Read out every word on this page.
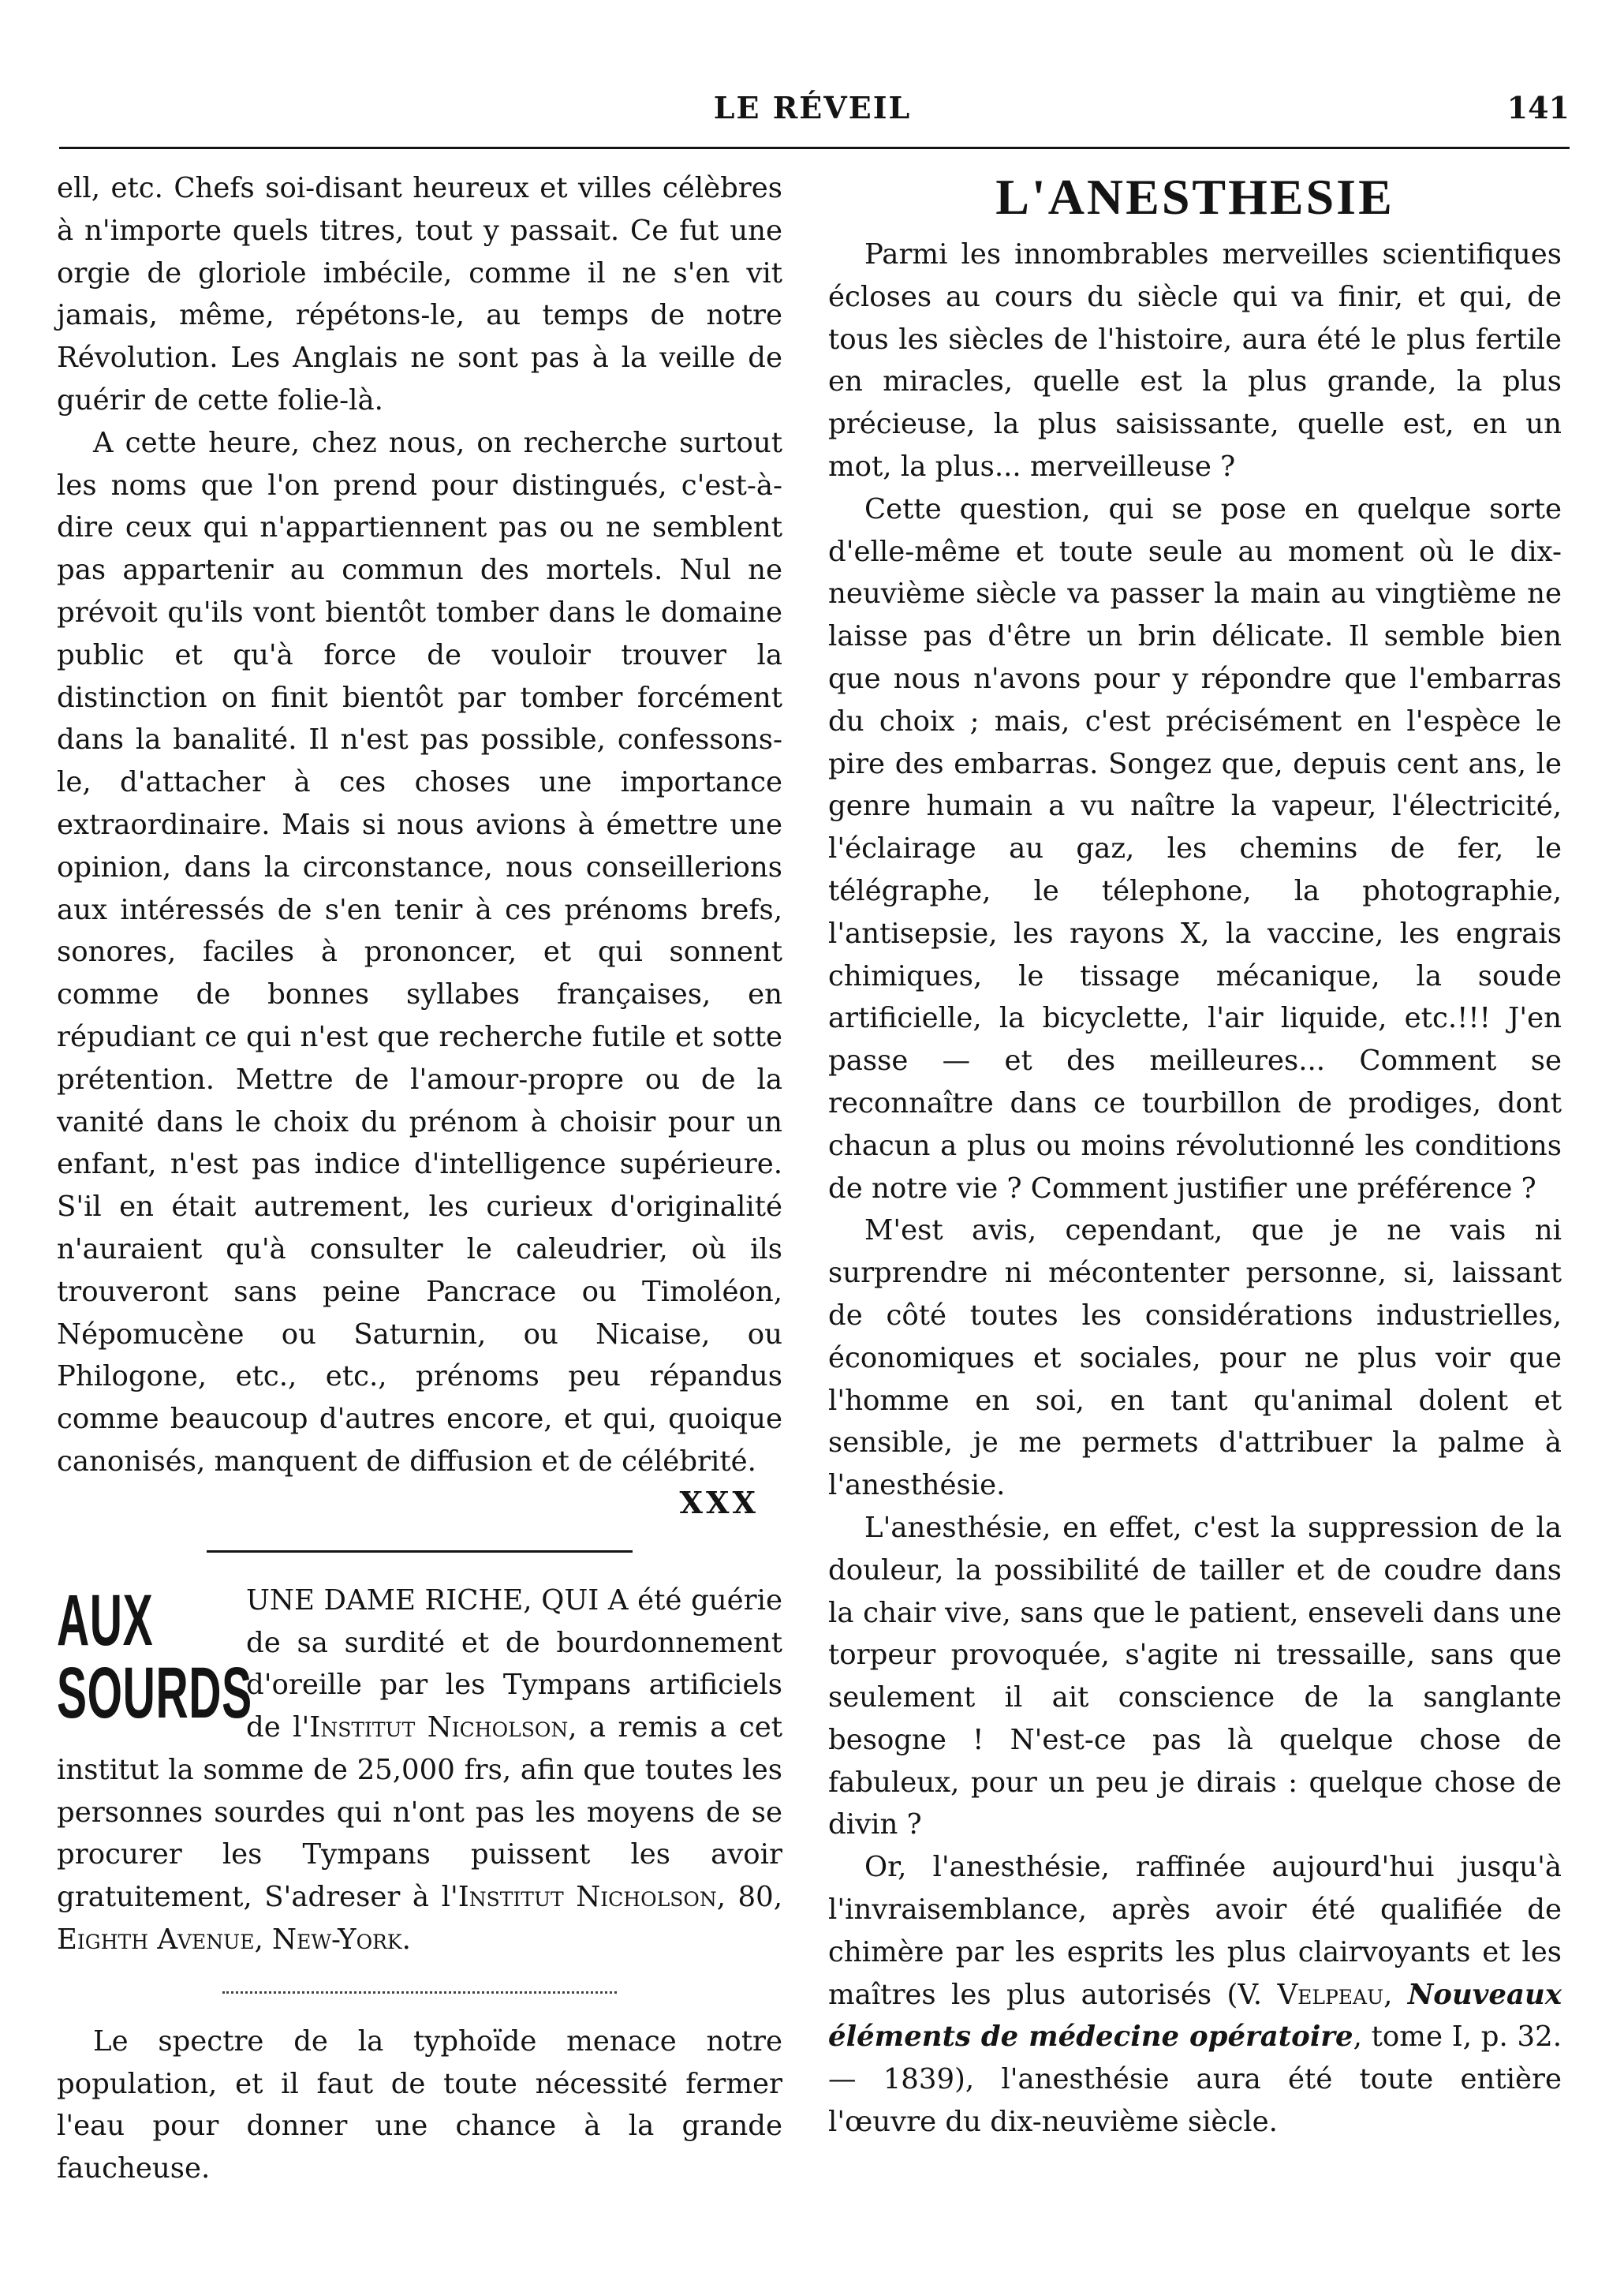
LE RÉVEIL	141

ell, etc. Chefs soi-disant heureux et villes célèbres à n'importe quels titres, tout y passait. Ce fut une orgie de gloriole imbécile, comme il ne s'en vit jamais, même, répétons-le, au temps de notre Révolution. Les Anglais ne sont pas à la veille de guérir de cette folie-là.

A cette heure, chez nous, on recherche surtout les noms que l'on prend pour distingués, c'est-à-dire ceux qui n'appartiennent pas ou ne semblent pas appartenir au commun des mortels. Nul ne prévoit qu'ils vont bientôt tomber dans le domaine public et qu'à force de vouloir trouver la distinction on finit bientôt par tomber forcément dans la banalité. Il n'est pas possible, confessons-le, d'attacher à ces choses une importance extraordinaire. Mais si nous avions à émettre une opinion, dans la circonstance, nous conseillerions aux intéressés de s'en tenir à ces prénoms brefs, sonores, faciles à prononcer, et qui sonnent comme de bonnes syllabes françaises, en répudiant ce qui n'est que recherche futile et sotte prétention. Mettre de l'amour-propre ou de la vanité dans le choix du prénom à choisir pour un enfant, n'est pas indice d'intelligence supérieure. S'il en était autrement, les curieux d'originalité n'auraient qu'à consulter le caleudrier, où ils trouveront sans peine Pancrace ou Timoléon, Népomucène ou Saturnin, ou Nicaise, ou Philogone, etc., etc., prénoms peu répandus comme beaucoup d'autres encore, et qui, quoique canonisés, manquent de diffusion et de célébrité.

XXX
AUX SOURDS

UNE DAME RICHE, QUI A été guérie de sa surdité et de bourdonnement d'oreille par les Tympans artificiels de l'Institut Nicholson, a remis a cet institut la somme de 25,000 frs, afin que toutes les personnes sourdes qui n'ont pas les moyens de se procurer les Tympans puissent les avoir gratuitement, S'adreser à l'Institut Nicholson, 80, Eighth Avenue, New-York.

Le spectre de la typhoïde menace notre population, et il faut de toute nécessité fermer l'eau pour donner une chance à la grande faucheuse.

L'ANESTHESIE

Parmi les innombrables merveilles scientifiques écloses au cours du siècle qui va finir, et qui, de tous les siècles de l'histoire, aura été le plus fertile en miracles, quelle est la plus grande, la plus précieuse, la plus saisissante, quelle est, en un mot, la plus... merveilleuse ?

Cette question, qui se pose en quelque sorte d'elle-même et toute seule au moment où le dix-neuvième siècle va passer la main au vingtième ne laisse pas d'être un brin délicate. Il semble bien que nous n'avons pour y répondre que l'embarras du choix ; mais, c'est précisément en l'espèce le pire des embarras. Songez que, depuis cent ans, le genre humain a vu naître la vapeur, l'électricité, l'éclairage au gaz, les chemins de fer, le télégraphe, le télephone, la photographie, l'antisepsie, les rayons X, la vaccine, les engrais chimiques, le tissage mécanique, la soude artificielle, la bicyclette, l'air liquide, etc.!!! J'en passe — et des meilleures... Comment se reconnaître dans ce tourbillon de prodiges, dont chacun a plus ou moins révolutionné les conditions de notre vie ? Comment justifier une préférence ?

M'est avis, cependant, que je ne vais ni surprendre ni mécontenter personne, si, laissant de côté toutes les considérations industrielles, économiques et sociales, pour ne plus voir que l'homme en soi, en tant qu'animal dolent et sensible, je me permets d'attribuer la palme à l'anesthésie.

L'anesthésie, en effet, c'est la suppression de la douleur, la possibilité de tailler et de coudre dans la chair vive, sans que le patient, enseveli dans une torpeur provoquée, s'agite ni tressaille, sans que seulement il ait conscience de la sanglante besogne ! N'est-ce pas là quelque chose de fabuleux, pour un peu je dirais : quelque chose de divin ?

Or, l'anesthésie, raffinée aujourd'hui jusqu'à l'invraisemblance, après avoir été qualifiée de chimère par les esprits les plus clairvoyants et les maîtres les plus autorisés (V. Velpeau, Nouveaux éléments de médecine opératoire, tome I, p. 32. — 1839), l'anesthésie aura été toute entière l'œuvre du dix-neuvième siècle.
